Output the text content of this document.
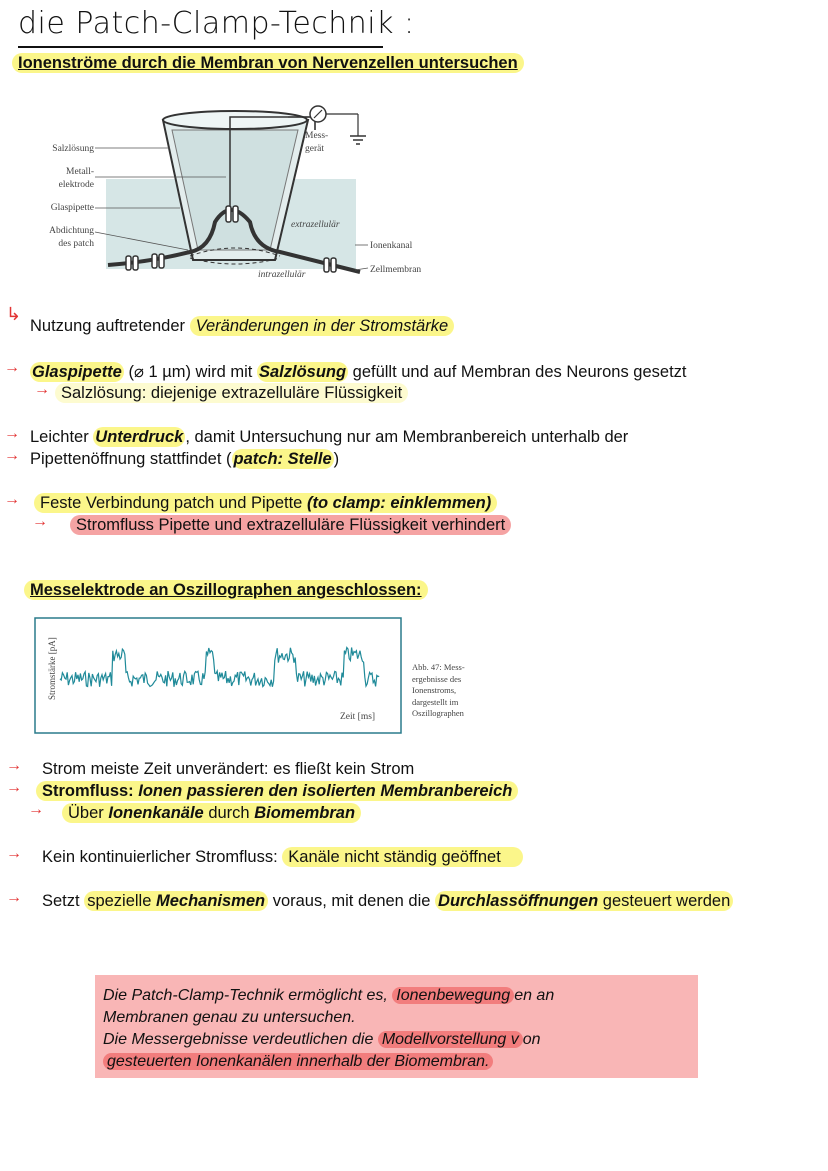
die Patch-Clamp-Technik :
Ionenströme durch die Membran von Nervenzellen untersuchen
Salzlösung
Metall-
elektrode
Glaspipette
Abdichtung
des patch
Mess-
gerät
extrazellulär
intrazellulär
Ionenkanal
Zellmembran
↳
Nutzung auftretender Veränderungen in der Stromstärke
→ Glaspipette (⌀ 1 µm) wird mit Salzlösung gefüllt und auf Membran des Neurons gesetzt
→ Salzlösung: diejenige extrazelluläre Flüssigkeit
→ Leichter Unterdruck , damit Untersuchung nur am Membranbereich unterhalb der
→ Pipettenöffnung stattfindet ( patch: Stelle )
→	Feste Verbindung patch und Pipette (to clamp: einklemmen)
→	Stromfluss Pipette und extrazelluläre Flüssigkeit verhindert
Messelektrode an Oszillographen angeschlossen:
Stromstärke [pA]
Zeit [ms]
Abb. 47: Mess-
ergebnisse des
Ionenstroms,
dargestellt im
Oszillographen
→ Strom meiste Zeit unverändert: es fließt kein Strom
→	Stromfluss: Ionen passieren den isolierten Membranbereich
→	Über Ionenkanäle durch Biomembran
→ Kein kontinuierlicher Stromfluss: Kanäle nicht ständig geöffnet
→ Setzt spezielle Mechanismen voraus, mit denen die Durchlassöffnungen gesteuert werden
Die Patch-Clamp-Technik ermöglicht es, Ionenbewegung en an
Membranen genau zu untersuchen.
Die Messergebnisse verdeutlichen die Modellvorstellung v on
gesteuerten Ionenkanälen innerhalb der Biomembran.
